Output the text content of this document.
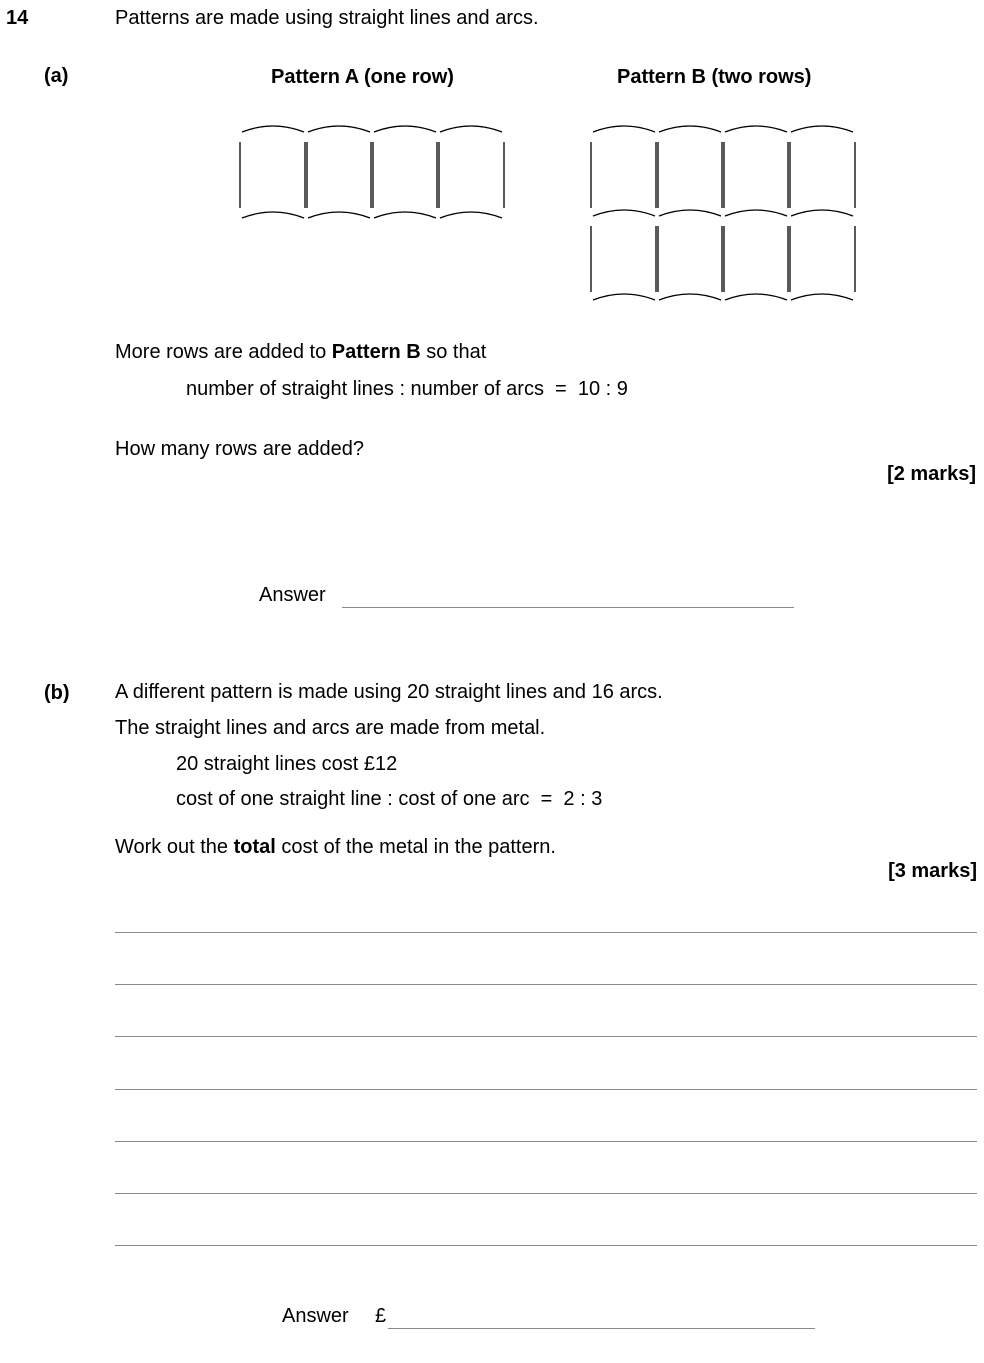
14	Patterns are made using straight lines and arcs.
(a)	Pattern A (one row)	Pattern B (two rows)
More rows are added to Pattern B so that
number of straight lines : number of arcs  =  10 : 9
How many rows are added?
[2 marks]
Answer
(b) A different pattern is made using 20 straight lines and 16 arcs.
The straight lines and arcs are made from metal.
20 straight lines cost £12
cost of one straight line : cost of one arc  =  2 : 3
Work out the total cost of the metal in the pattern.
[3 marks]
Answer £
